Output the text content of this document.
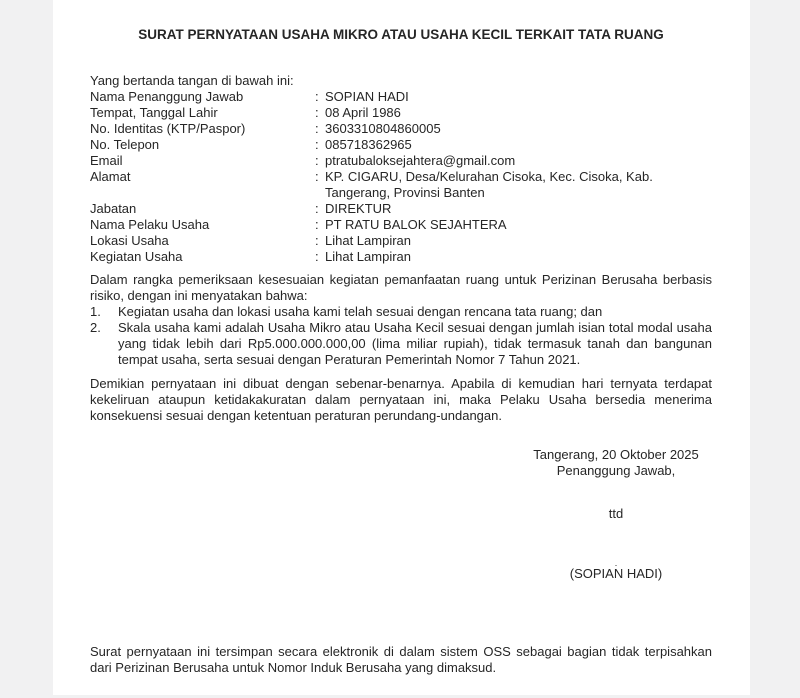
SURAT PERNYATAAN USAHA MIKRO ATAU USAHA KECIL TERKAIT TATA RUANG

Yang bertanda tangan di bawah ini:

Nama Penanggung Jawab	: SOPIAN HADI
Tempat, Tanggal Lahir	: 08 April 1986
No. Identitas (KTP/Paspor)	: 3603310804860005
No. Telepon	: 085718362965
Email	: ptratubaloksejahtera@gmail.com
Alamat	: KP. CIGARU, Desa/Kelurahan Cisoka, Kec. Cisoka, Kab. Tangerang, Provinsi Banten
Jabatan	: DIREKTUR
Nama Pelaku Usaha	: PT RATU BALOK SEJAHTERA
Lokasi Usaha	: Lihat Lampiran
Kegiatan Usaha	: Lihat Lampiran

Dalam rangka pemeriksaan kesesuaian kegiatan pemanfaatan ruang untuk Perizinan Berusaha berbasis risiko, dengan ini menyatakan bahwa:

1.	Kegiatan usaha dan lokasi usaha kami telah sesuai dengan rencana tata ruang; dan
2.	Skala usaha kami adalah Usaha Mikro atau Usaha Kecil sesuai dengan jumlah isian total modal usaha yang tidak lebih dari Rp5.000.000.000,00 (lima miliar rupiah), tidak termasuk tanah dan bangunan tempat usaha, serta sesuai dengan Peraturan Pemerintah Nomor 7 Tahun 2021.

Demikian pernyataan ini dibuat dengan sebenar-benarnya. Apabila di kemudian hari ternyata terdapat kekeliruan ataupun ketidakakuratan dalam pernyataan ini, maka Pelaku Usaha bersedia menerima konsekuensi sesuai dengan ketentuan peraturan perundang-undangan.

Tangerang, 20 Oktober 2025
Penanggung Jawab,
ttd
.
(SOPIAN HADI)

Surat pernyataan ini tersimpan secara elektronik di dalam sistem OSS sebagai bagian tidak terpisahkan dari Perizinan Berusaha untuk Nomor Induk Berusaha yang dimaksud.
